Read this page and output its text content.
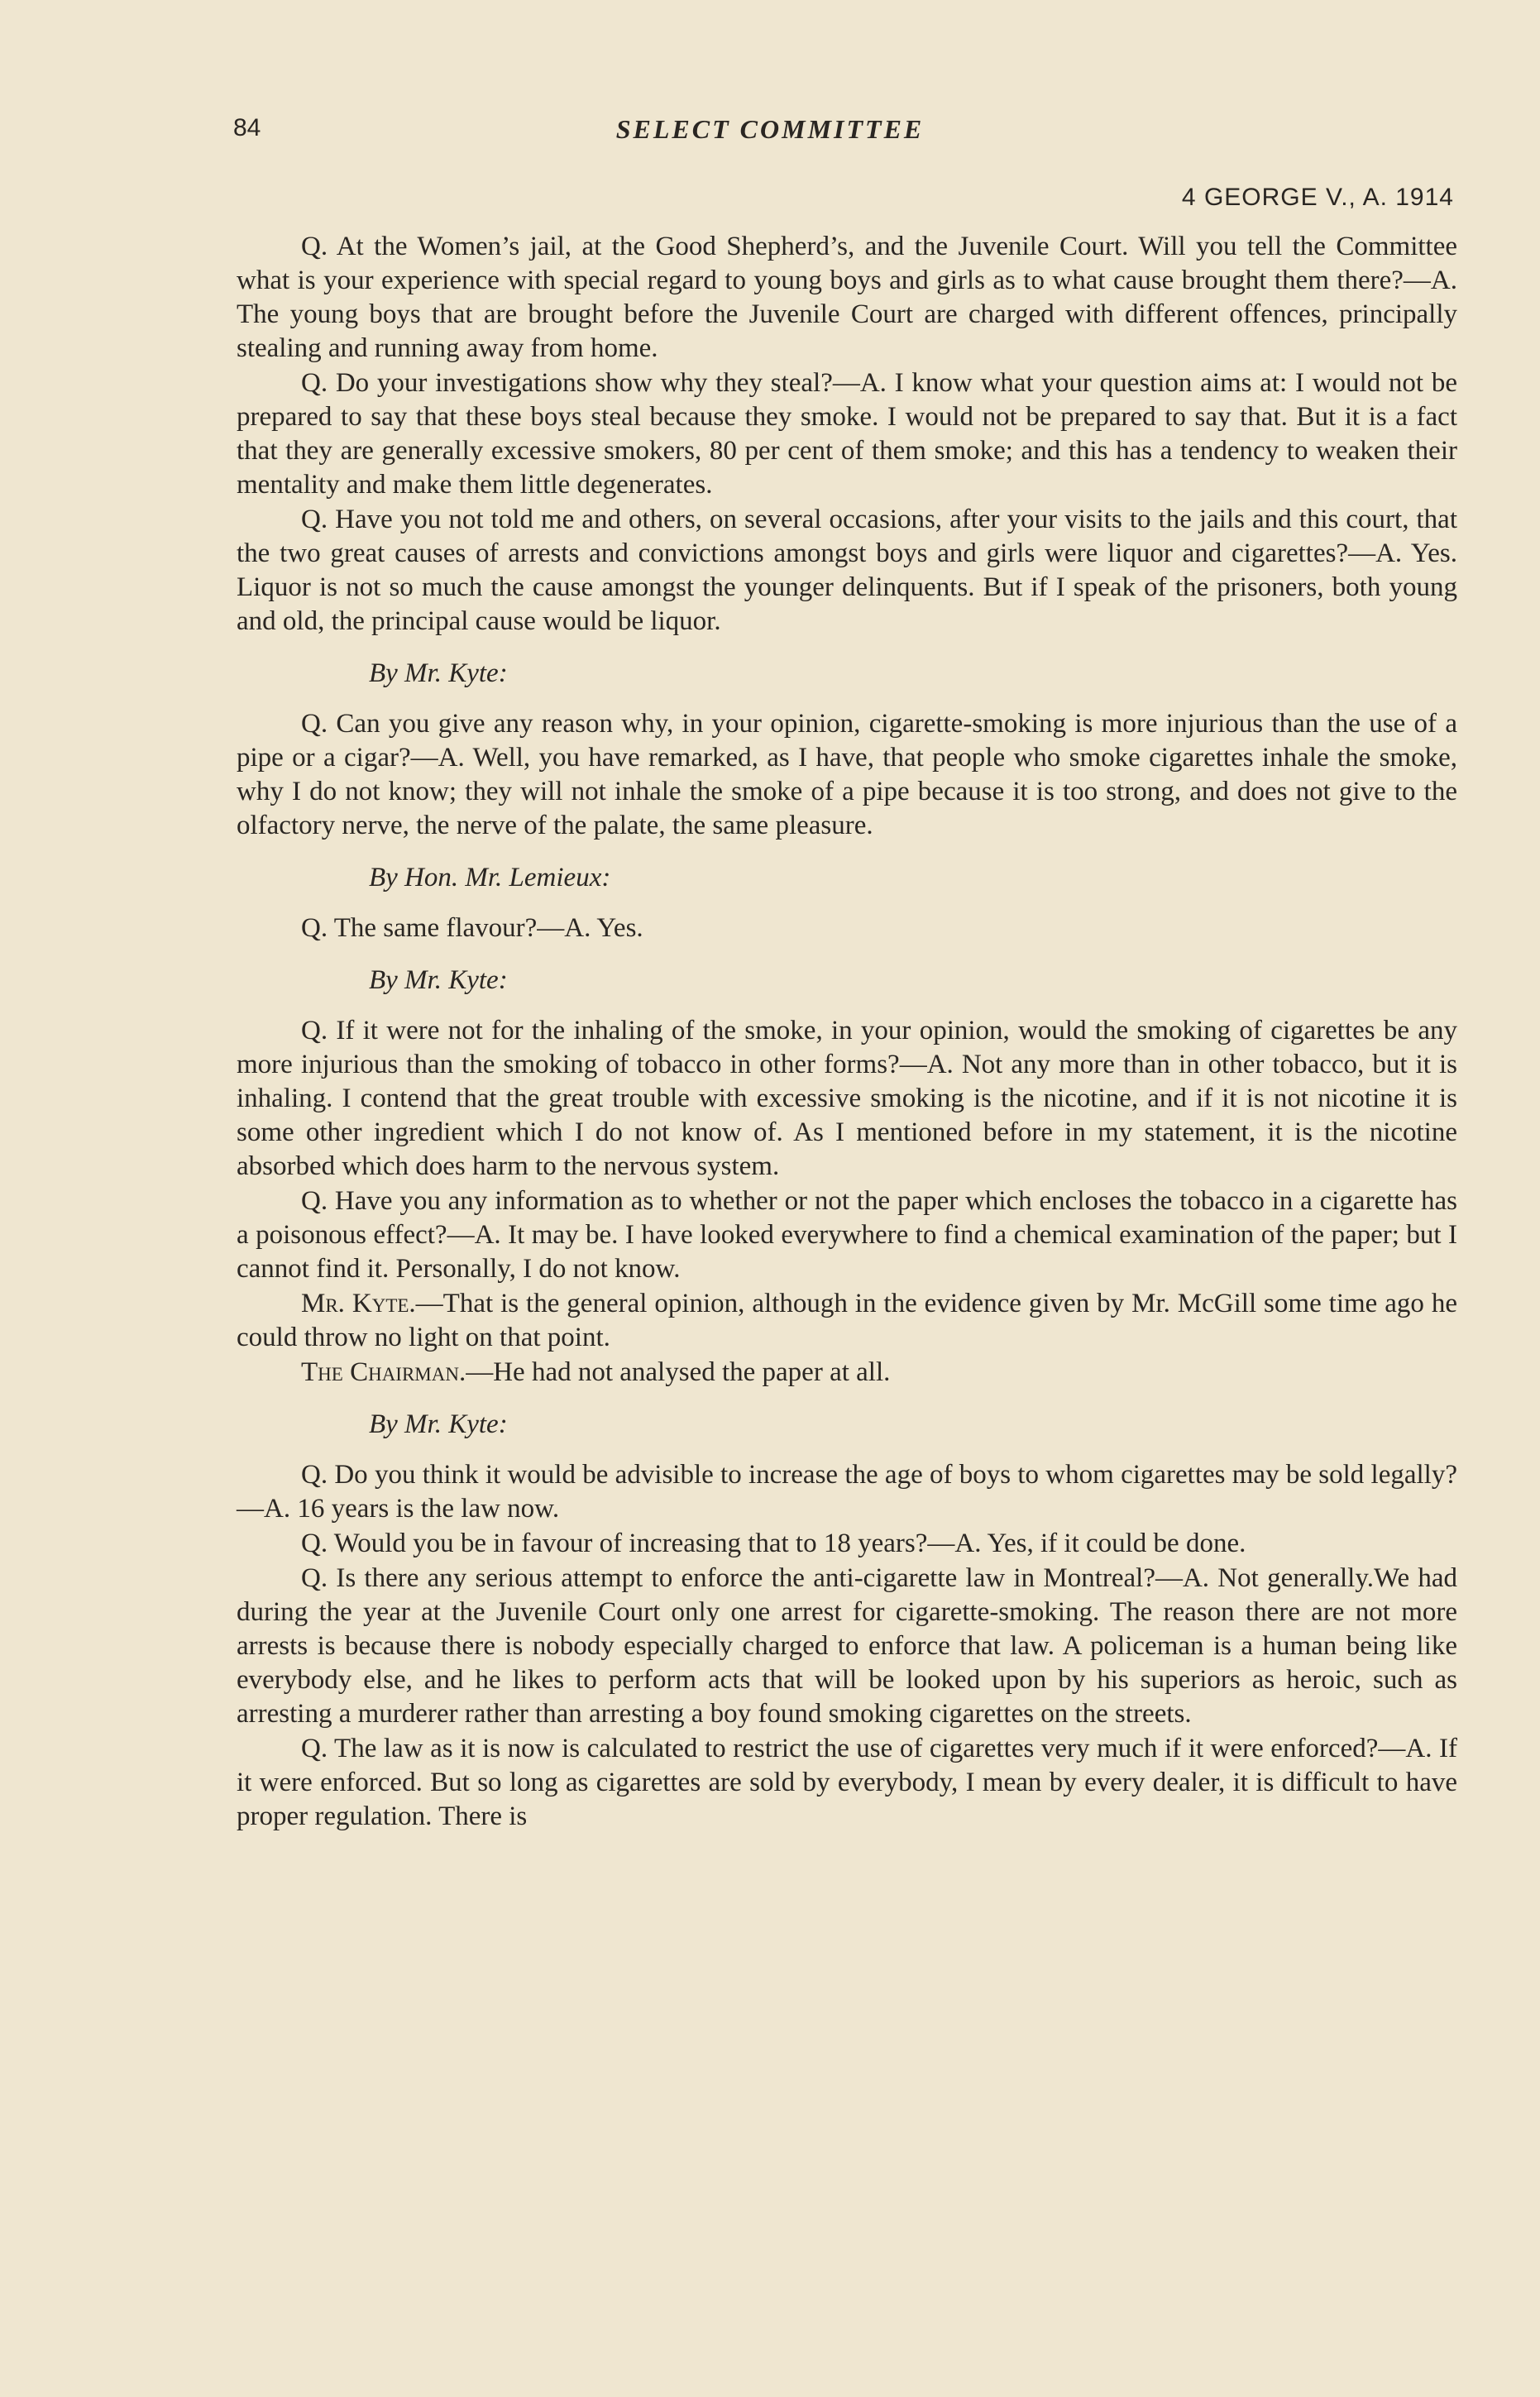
84	SELECT COMMITTEE
4 GEORGE V., A. 1914

Q. At the Women’s jail, at the Good Shepherd’s, and the Juvenile Court. Will you tell the Committee what is your experience with special regard to young boys and girls as to what cause brought them there?—A. The young boys that are brought before the Juvenile Court are charged with different offences, principally stealing and running away from home.

Q. Do your investigations show why they steal?—A. I know what your question aims at: I would not be prepared to say that these boys steal because they smoke. I would not be prepared to say that. But it is a fact that they are generally excessive smokers, 80 per cent of them smoke; and this has a tendency to weaken their mentality and make them little degenerates.

Q. Have you not told me and others, on several occasions, after your visits to the jails and this court, that the two great causes of arrests and convictions amongst boys and girls were liquor and cigarettes?—A. Yes. Liquor is not so much the cause amongst the younger delinquents. But if I speak of the prisoners, both young and old, the principal cause would be liquor.

By Mr. Kyte:

Q. Can you give any reason why, in your opinion, cigarette-smoking is more injurious than the use of a pipe or a cigar?—A. Well, you have remarked, as I have, that people who smoke cigarettes inhale the smoke, why I do not know; they will not inhale the smoke of a pipe because it is too strong, and does not give to the olfactory nerve, the nerve of the palate, the same pleasure.

By Hon. Mr. Lemieux:

Q. The same flavour?—A. Yes.

By Mr. Kyte:

Q. If it were not for the inhaling of the smoke, in your opinion, would the smoking of cigarettes be any more injurious than the smoking of tobacco in other forms?—A. Not any more than in other tobacco, but it is inhaling. I contend that the great trouble with excessive smoking is the nicotine, and if it is not nicotine it is some other ingredient which I do not know of. As I mentioned before in my statement, it is the nicotine absorbed which does harm to the nervous system.

Q. Have you any information as to whether or not the paper which encloses the tobacco in a cigarette has a poisonous effect?—A. It may be. I have looked everywhere to find a chemical examination of the paper; but I cannot find it. Personally, I do not know.

Mr. Kyte.—That is the general opinion, although in the evidence given by Mr. McGill some time ago he could throw no light on that point.

The Chairman.—He had not analysed the paper at all.

By Mr. Kyte:

Q. Do you think it would be advisible to increase the age of boys to whom cigarettes may be sold legally?—A. 16 years is the law now.

Q. Would you be in favour of increasing that to 18 years?—A. Yes, if it could be done.

Q. Is there any serious attempt to enforce the anti-cigarette law in Montreal?—A. Not generally.We had during the year at the Juvenile Court only one arrest for cigarette-smoking. The reason there are not more arrests is because there is nobody especially charged to enforce that law. A policeman is a human being like everybody else, and he likes to perform acts that will be looked upon by his superiors as heroic, such as arresting a murderer rather than arresting a boy found smoking cigarettes on the streets.

Q. The law as it is now is calculated to restrict the use of cigarettes very much if it were enforced?—A. If it were enforced. But so long as cigarettes are sold by everybody, I mean by every dealer, it is difficult to have proper regulation. There is
